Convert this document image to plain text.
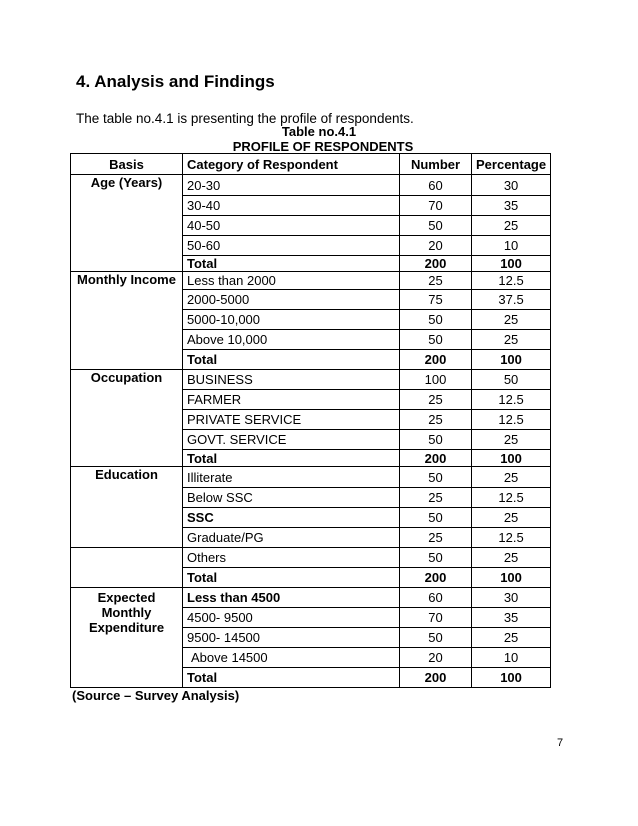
4. Analysis and Findings

The table no.4.1 is presenting the profile of respondents.

Table no.4.1
PROFILE OF RESPONDENTS
Basis	Category of Respondent	Number	Percentage
Age (Years)	20-30	60	30
	30-40	70	35
	40-50	50	25
	50-60	20	10
	Total	200	100
Monthly Income	Less than 2000	25	12.5
	2000-5000	75	37.5
	5000-10,000	50	25
	Above 10,000	50	25
	Total	200	100
Occupation	BUSINESS	100	50
	FARMER	25	12.5
	PRIVATE SERVICE	25	12.5
	GOVT. SERVICE	50	25
	Total	200	100
Education	Illiterate	50	25
	Below SSC	25	12.5
	SSC	50	25
	Graduate/PG	25	12.5
	Others	50	25
	Total	200	100
Expected Monthly Expenditure	Less than 4500	60	30
	4500- 9500	70	35
	9500- 14500	50	25
	Above 14500	20	10
	Total	200	100

(Source – Survey Analysis)

7
